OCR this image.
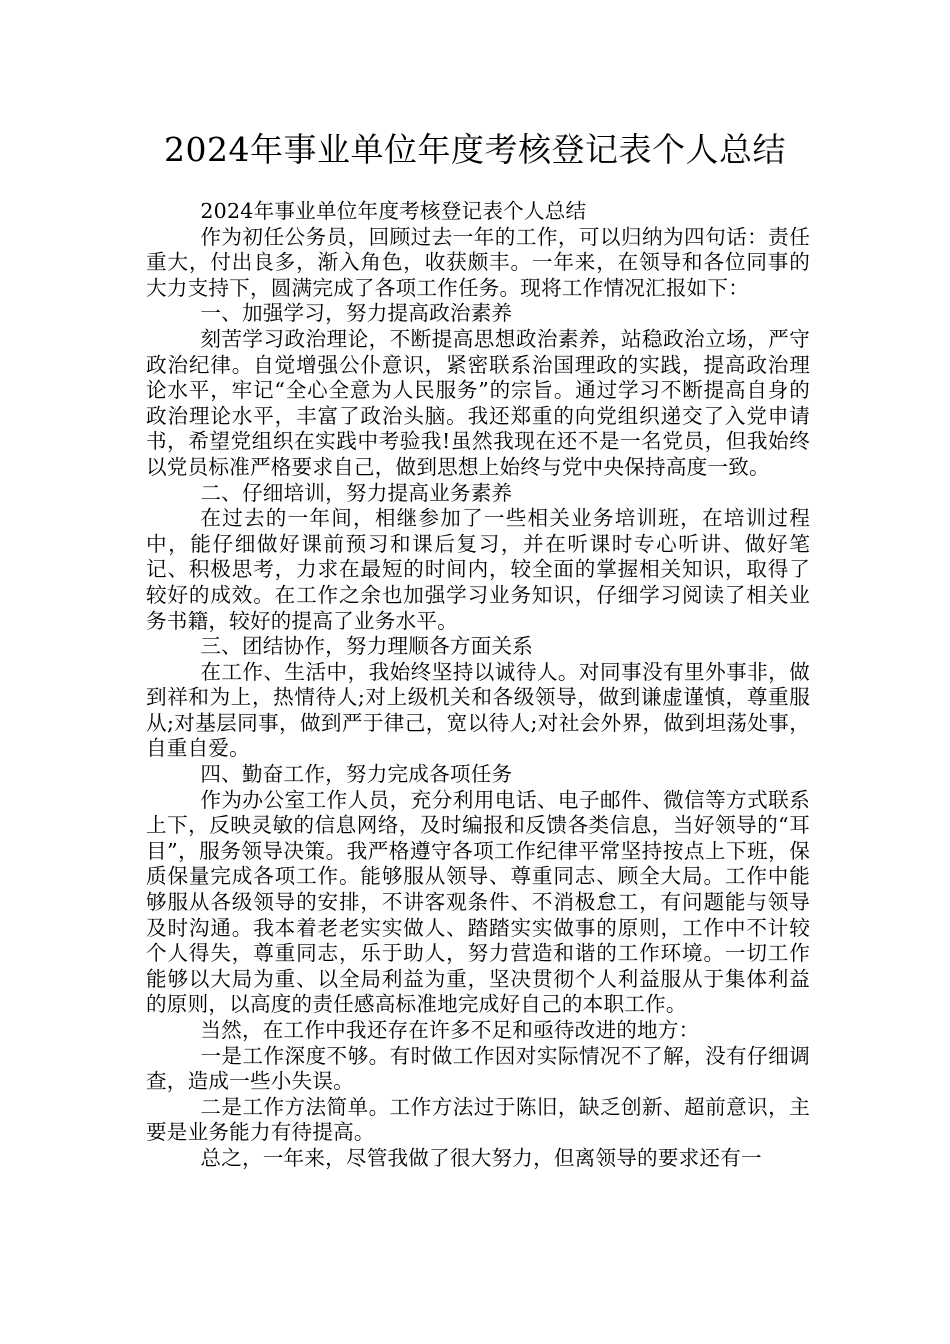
2024年事业单位年度考核登记表个人总结

2024年事业单位年度考核登记表个人总结

作为初任公务员，回顾过去一年的工作，可以归纳为四句话：责任重大，付出良多，渐入角色，收获颇丰。一年来，在领导和各位同事的大力支持下，圆满完成了各项工作任务。现将工作情况汇报如下：

一、加强学习，努力提高政治素养

刻苦学习政治理论，不断提高思想政治素养，站稳政治立场，严守政治纪律。自觉增强公仆意识，紧密联系治国理政的实践，提高政治理论水平，牢记“全心全意为人民服务”的宗旨。通过学习不断提高自身的政治理论水平，丰富了政治头脑。我还郑重的向党组织递交了入党申请书，希望党组织在实践中考验我!虽然我现在还不是一名党员，但我始终以党员标准严格要求自己，做到思想上始终与党中央保持高度一致。

二、仔细培训，努力提高业务素养

在过去的一年间，相继参加了一些相关业务培训班，在培训过程中，能仔细做好课前预习和课后复习，并在听课时专心听讲、做好笔记、积极思考，力求在最短的时间内，较全面的掌握相关知识，取得了较好的成效。在工作之余也加强学习业务知识，仔细学习阅读了相关业务书籍，较好的提高了业务水平。

三、团结协作，努力理顺各方面关系

在工作、生活中，我始终坚持以诚待人。对同事没有里外事非，做到祥和为上，热情待人;对上级机关和各级领导，做到谦虚谨慎，尊重服从;对基层同事，做到严于律己，宽以待人;对社会外界，做到坦荡处事，自重自爱。

四、勤奋工作，努力完成各项任务

作为办公室工作人员，充分利用电话、电子邮件、微信等方式联系上下，反映灵敏的信息网络，及时编报和反馈各类信息，当好领导的“耳目”，服务领导决策。我严格遵守各项工作纪律平常坚持按点上下班，保质保量完成各项工作。能够服从领导、尊重同志、顾全大局。工作中能够服从各级领导的安排，不讲客观条件、不消极怠工，有问题能与领导及时沟通。我本着老老实实做人、踏踏实实做事的原则，工作中不计较个人得失，尊重同志，乐于助人，努力营造和谐的工作环境。一切工作能够以大局为重、以全局利益为重，坚决贯彻个人利益服从于集体利益的原则，以高度的责任感高标准地完成好自己的本职工作。

当然，在工作中我还存在许多不足和亟待改进的地方：

一是工作深度不够。有时做工作因对实际情况不了解，没有仔细调查，造成一些小失误。

二是工作方法简单。工作方法过于陈旧，缺乏创新、超前意识，主要是业务能力有待提高。

总之，一年来，尽管我做了很大努力，但离领导的要求还有一
